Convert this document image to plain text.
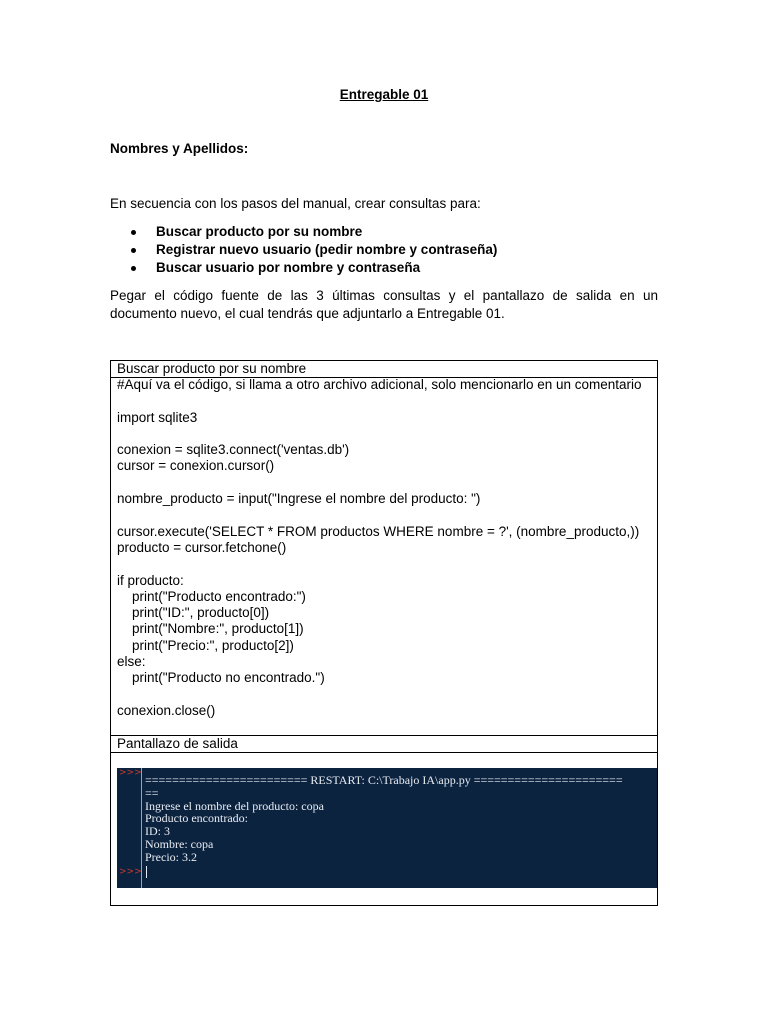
Entregable 01
Nombres y Apellidos:
En secuencia con los pasos del manual, crear consultas para:
Buscar producto por su nombre
Registrar nuevo usuario (pedir nombre y contraseña)
Buscar usuario por nombre y contraseña
Pegar el código fuente de las 3 últimas consultas y el pantallazo de salida en un documento nuevo, el cual tendrás que adjuntarlo a Entregable 01.
Buscar producto por su nombre
#Aquí va el código, si llama a otro archivo adicional, solo mencionarlo en un comentario

import sqlite3

conexion = sqlite3.connect('ventas.db')
cursor = conexion.cursor()

nombre_producto = input("Ingrese el nombre del producto: ")

cursor.execute('SELECT * FROM productos WHERE nombre = ?', (nombre_producto,))
producto = cursor.fetchone()

if producto:
print("Producto encontrado:")
print("ID:", producto[0])
print("Nombre:", producto[1])
print("Precio:", producto[2])
else:
print("Producto no encontrado.")

conexion.close()
Pantallazo de salida
>>>
>>>
======================== RESTART: C:\Trabajo IA\app.py ======================
==
Ingrese el nombre del producto: copa
Producto encontrado:
ID: 3
Nombre: copa
Precio: 3.2
